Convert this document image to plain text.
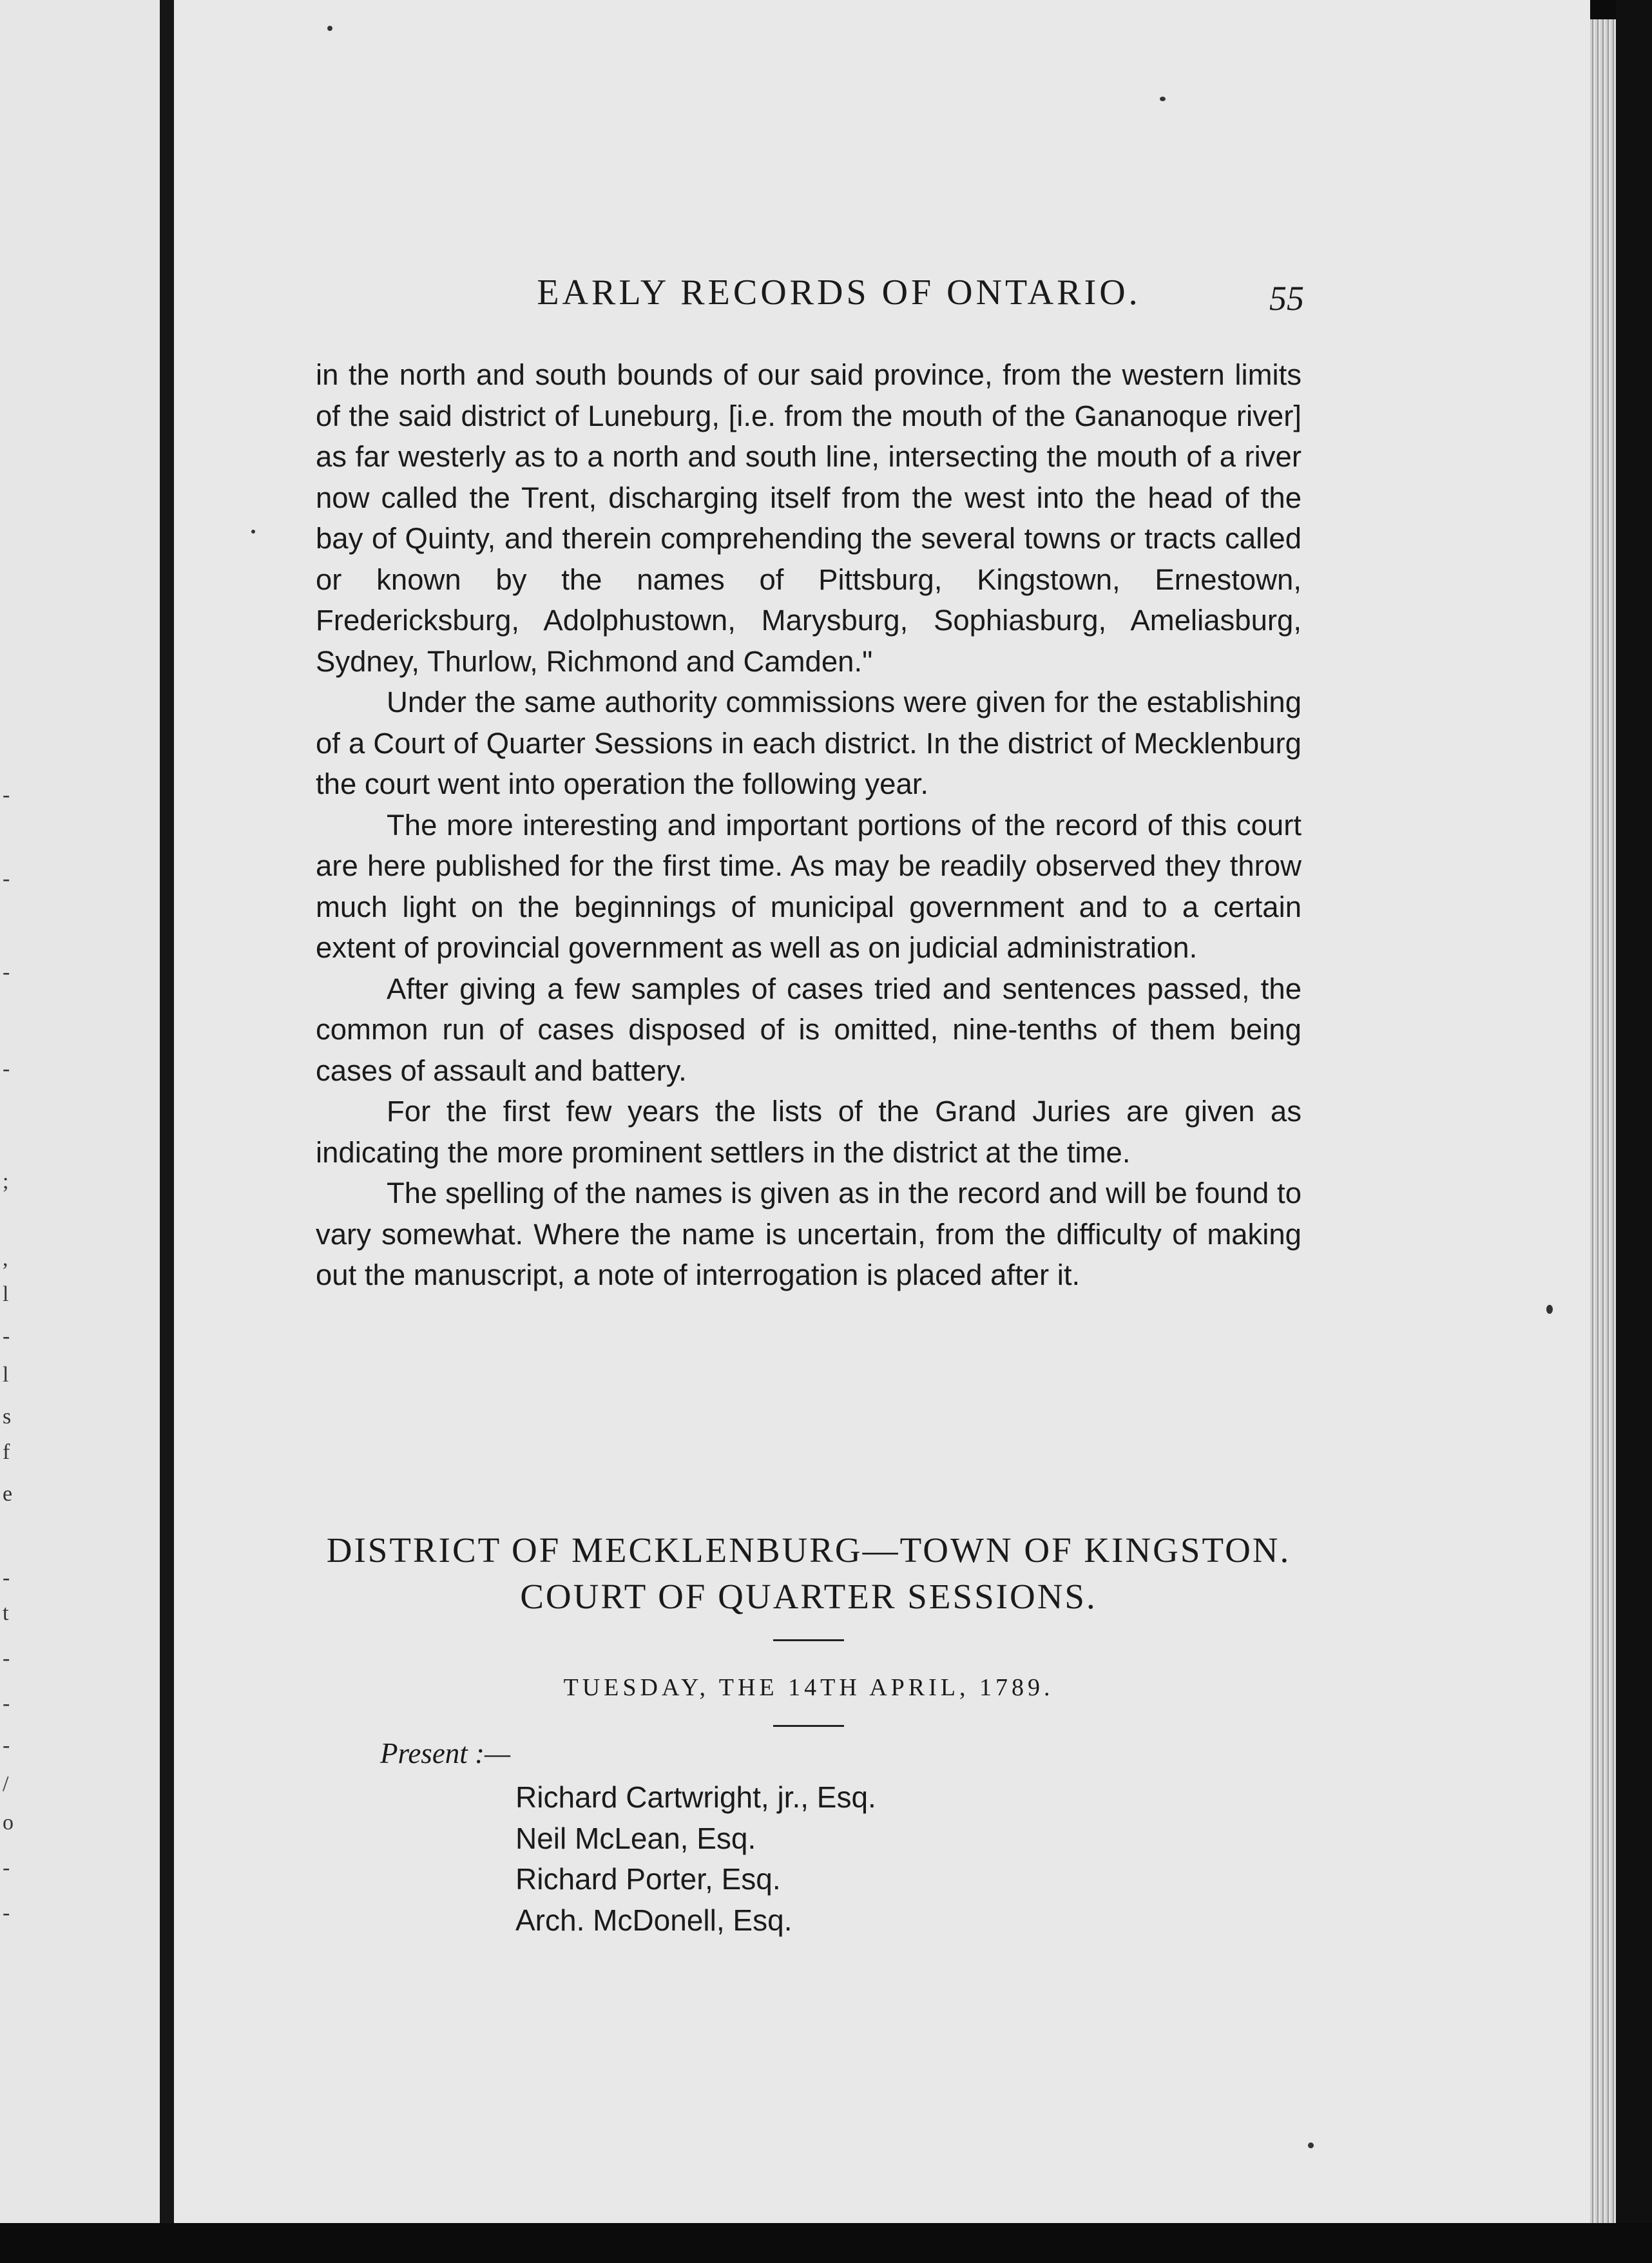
-
-
-
-
;
,
l
-
l
s
f
e
-
t
-
-
-
/
o
-
-
EARLY RECORDS OF ONTARIO.	55

in the north and south bounds of our said province, from the western limits of the said district of Luneburg, [i.e. from the mouth of the Gananoque river] as far westerly as to a north and south line, intersecting the mouth of a river now called the Trent, discharging itself from the west into the head of the bay of Quinty, and therein comprehending the several towns or tracts called or known by the names of Pittsburg, Kingstown, Ernestown, Fredericksburg, Adolphustown, Marysburg, Sophiasburg, Ameliasburg, Sydney, Thurlow, Richmond and Camden."

Under the same authority commissions were given for the establishing of a Court of Quarter Sessions in each district. In the district of Mecklenburg the court went into operation the following year.

The more interesting and important portions of the record of this court are here published for the first time. As may be readily observed they throw much light on the beginnings of municipal government and to a certain extent of provincial government as well as on judicial administration.

After giving a few samples of cases tried and sentences passed, the common run of cases disposed of is omitted, nine-tenths of them being cases of assault and battery.

For the first few years the lists of the Grand Juries are given as indicating the more prominent settlers in the district at the time.

The spelling of the names is given as in the record and will be found to vary somewhat. Where the name is uncertain, from the difficulty of making out the manuscript, a note of interrogation is placed after it.

DISTRICT OF MECKLENBURG—TOWN OF KINGSTON.
COURT OF QUARTER SESSIONS.
TUESDAY, THE 14TH APRIL, 1789.
Present :—
Richard Cartwright, jr., Esq.
Neil McLean, Esq.
Richard Porter, Esq.
Arch. McDonell, Esq.
